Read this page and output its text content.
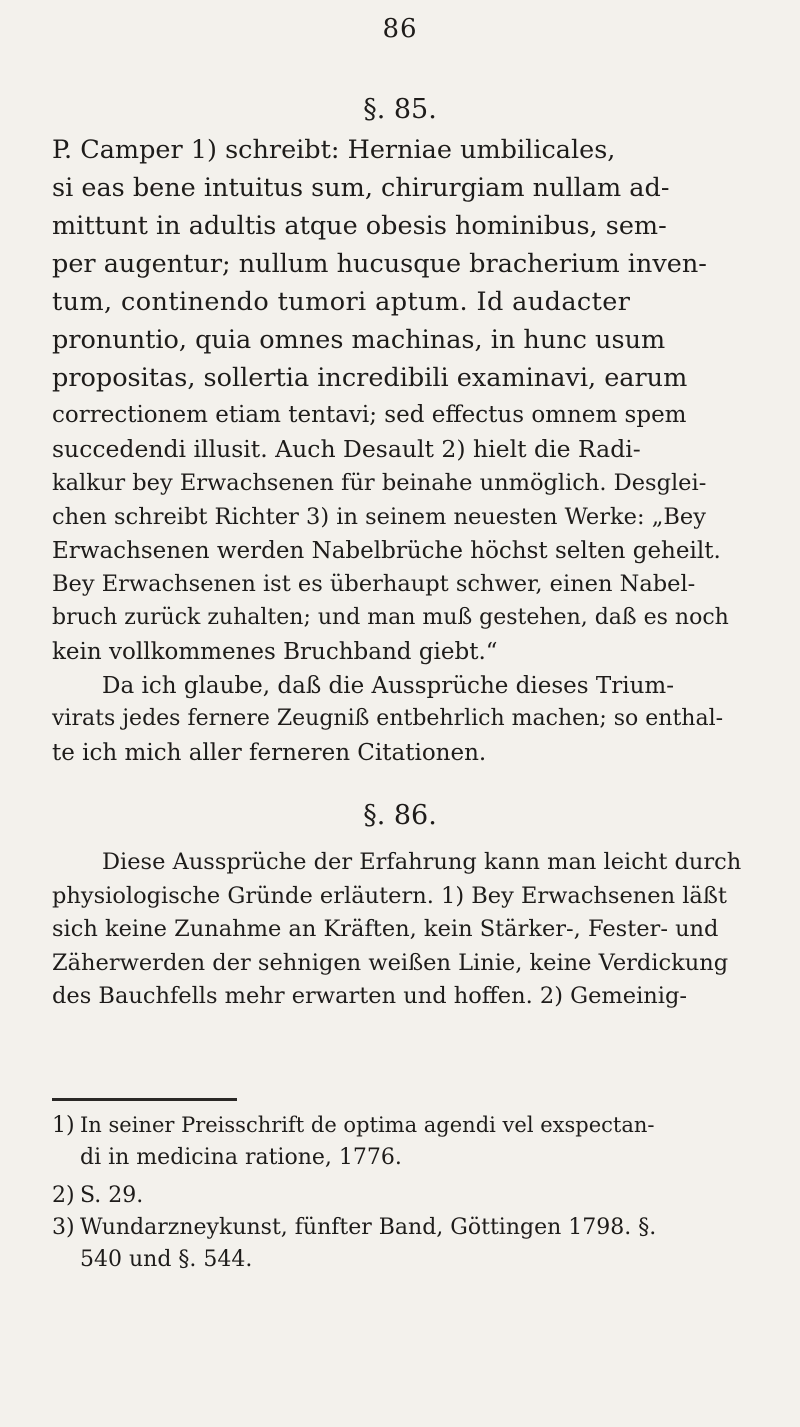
86
§. 85.

P. Camper 1) schreibt: Herniae umbilicales,
si eas bene intuitus sum, chirurgiam nullam ad-
mittunt in adultis atque obesis hominibus, sem-
per augentur; nullum hucusque bracherium inven-
tum, continendo tumori aptum. Id audacter
pronuntio, quia omnes machinas, in hunc usum
propositas, sollertia incredibili examinavi, earum
correctionem etiam tentavi; sed effectus omnem spem
succedendi illusit. Auch Desault 2) hielt die Radi-
kalkur bey Erwachsenen für beinahe unmöglich. Desglei-
chen schreibt Richter 3) in seinem neuesten Werke: „Bey
Erwachsenen werden Nabelbrüche höchst selten geheilt.
Bey Erwachsenen ist es überhaupt schwer, einen Nabel-
bruch zurück zuhalten; und man muß gestehen, daß es noch
kein vollkommenes Bruchband giebt.“
Da ich glaube, daß die Aussprüche dieses Trium-
virats jedes fernere Zeugniß entbehrlich machen; so enthal-
te ich mich aller ferneren Citationen.

§. 86.

Diese Aussprüche der Erfahrung kann man leicht durch
physiologische Gründe erläutern. 1) Bey Erwachsenen läßt
sich keine Zunahme an Kräften, kein Stärker-, Fester- und
Zäherwerden der sehnigen weißen Linie, keine Verdickung
des Bauchfells mehr erwarten und hoffen. 2) Gemeinig-

1) In seiner Preisschrift de optima agendi vel exspectan-
di in medicina ratione, 1776.
2) S. 29.
3) Wundarzneykunst, fünfter Band, Göttingen 1798. §.
540 und §. 544.
